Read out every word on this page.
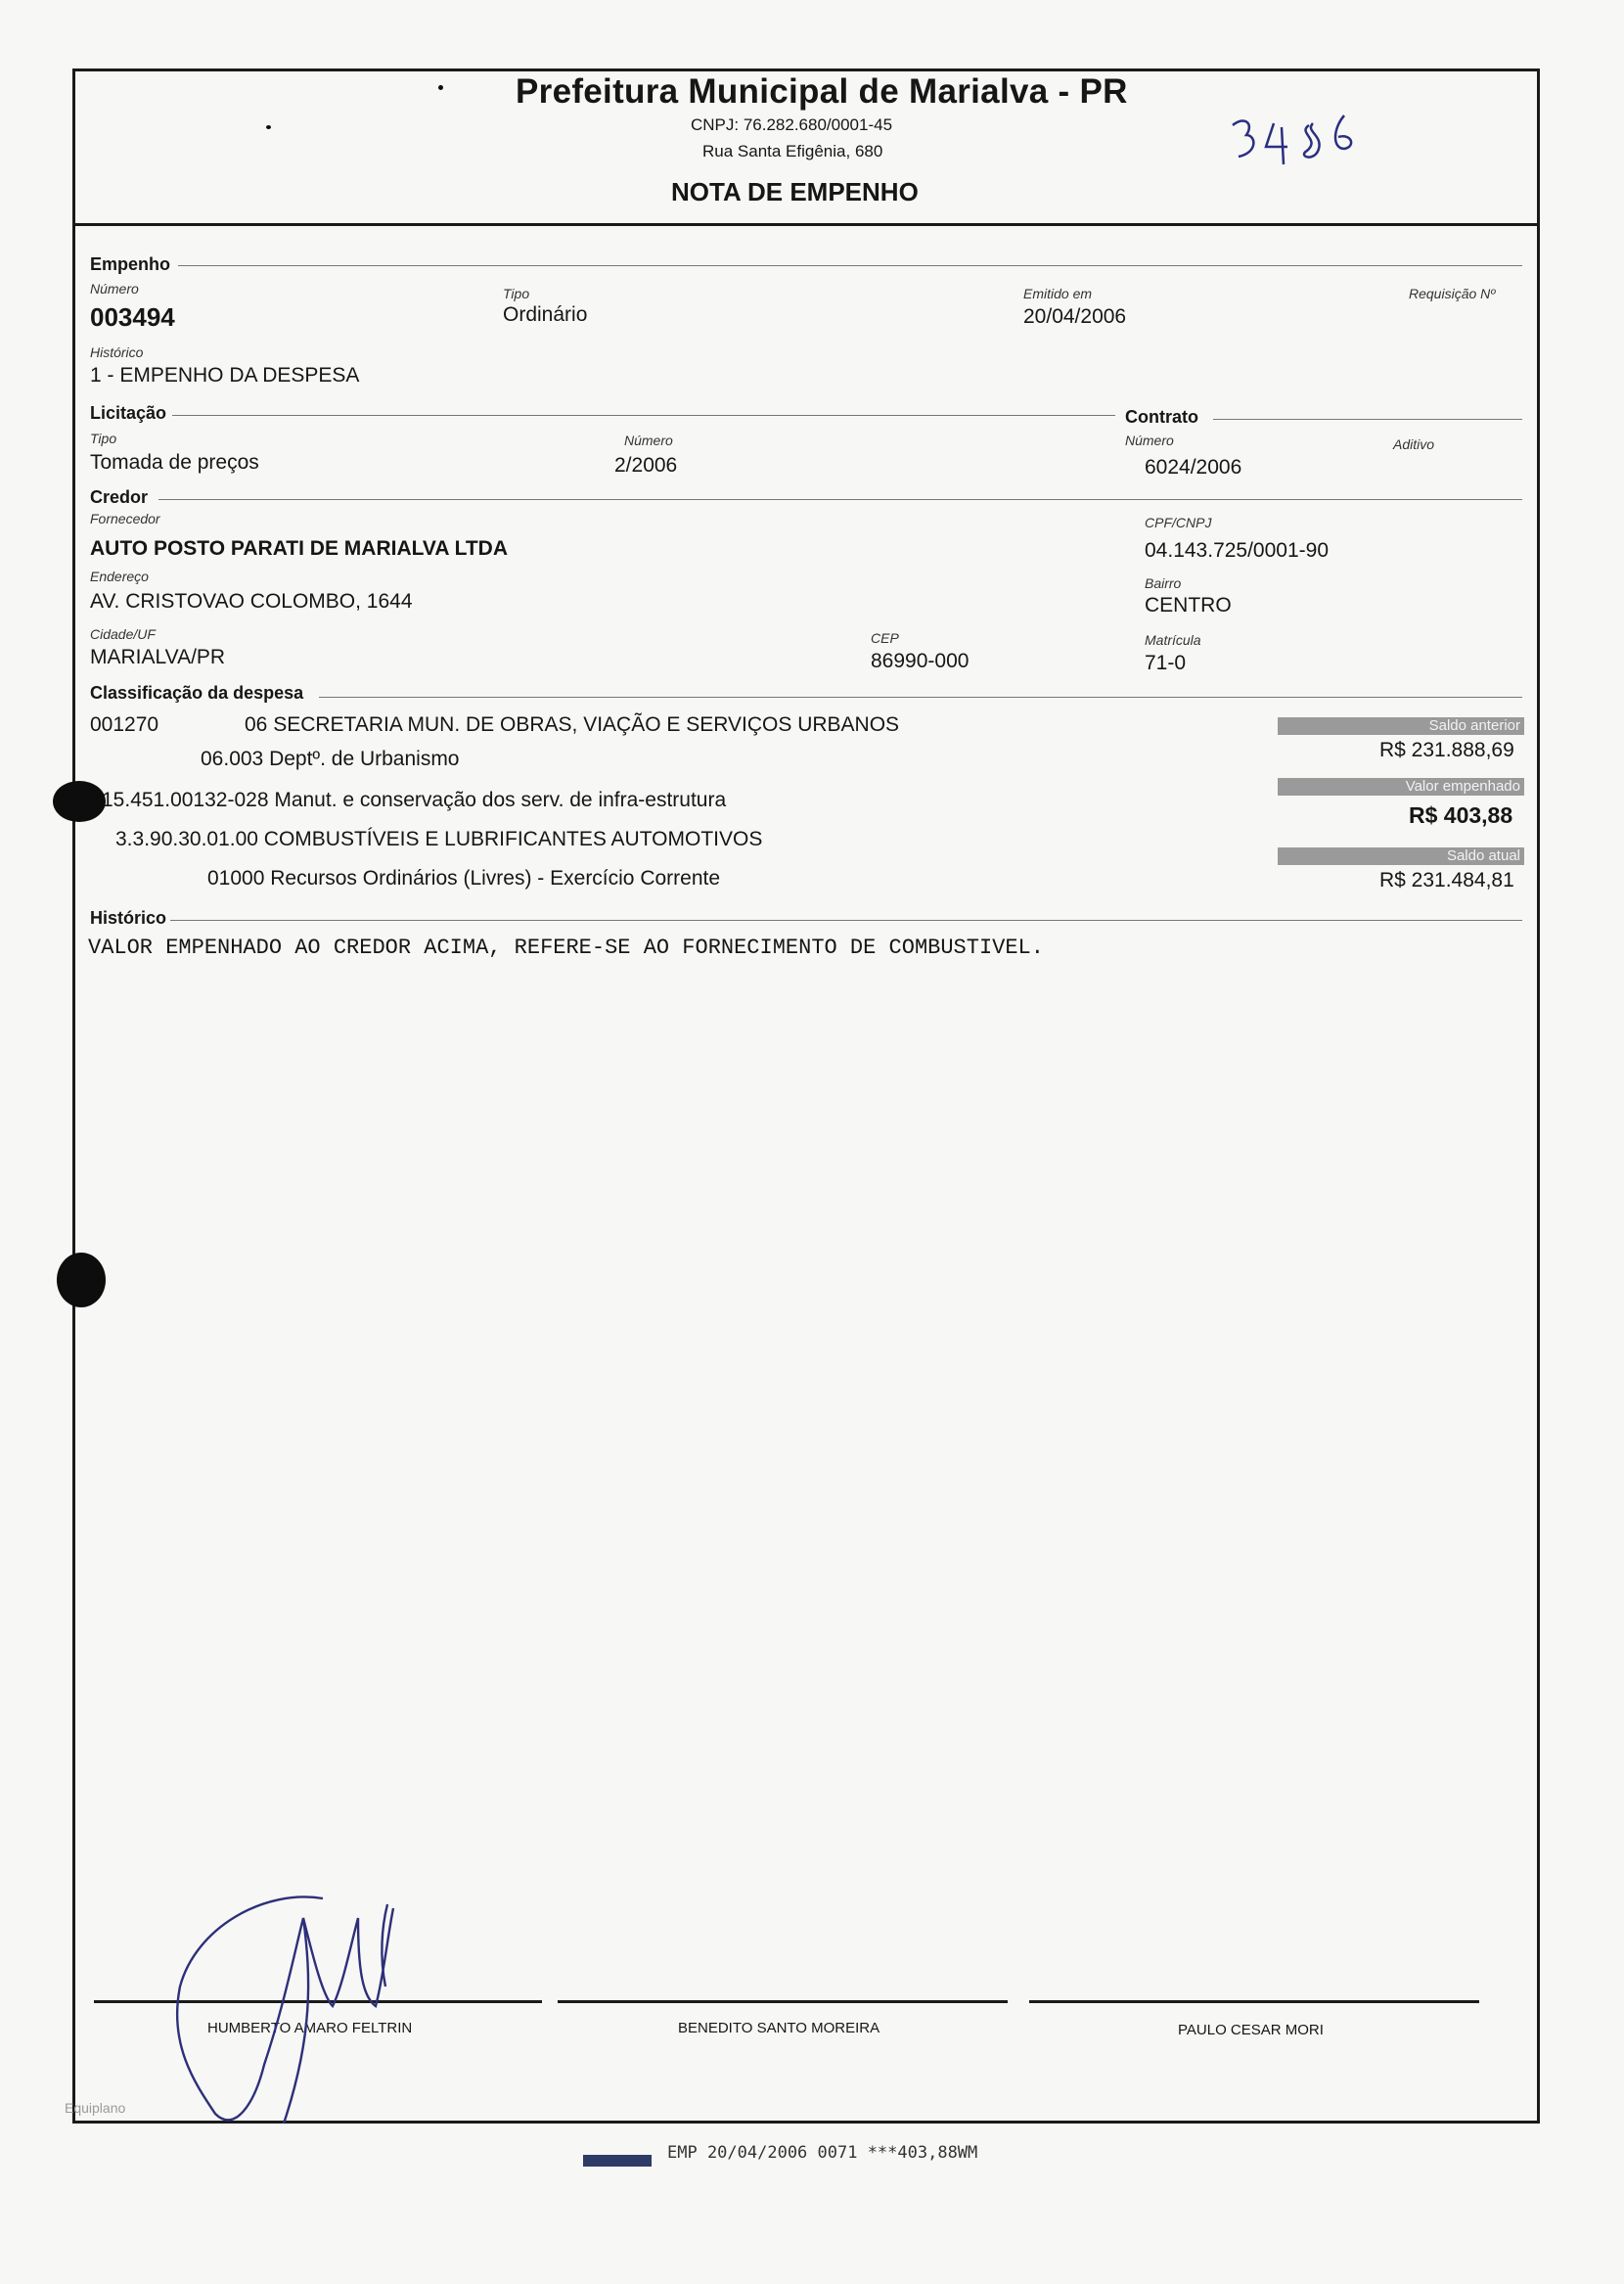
Prefeitura Municipal de Marialva - PR
CNPJ: 76.282.680/0001-45
Rua Santa Efigênia, 680
NOTA DE EMPENHO
Empenho
Número
003494
Tipo
Ordinário
Emitido em
20/04/2006
Requisição Nº
Histórico
1 - EMPENHO DA DESPESA
Licitação	Contrato
Tipo
Tomada de preços
Número
2/2006
Número
6024/2006
Aditivo
Credor
Fornecedor
AUTO POSTO PARATI DE MARIALVA LTDA
CPF/CNPJ
04.143.725/0001-90
Endereço
AV. CRISTOVAO COLOMBO, 1644
Bairro
CENTRO
Cidade/UF
MARIALVA/PR
CEP
86990-000
Matrícula
71-0
Classificação da despesa
001270	06 SECRETARIA MUN. DE OBRAS, VIAÇÃO E SERVIÇOS URBANOS
06.003 Deptº. de Urbanismo
15.451.00132-028 Manut. e conservação dos serv. de infra-estrutura
3.3.90.30.01.00 COMBUSTÍVEIS E LUBRIFICANTES AUTOMOTIVOS
01000 Recursos Ordinários (Livres) - Exercício Corrente
Saldo anterior
R$ 231.888,69
Valor empenhado
R$ 403,88
Saldo atual
R$ 231.484,81
Histórico
VALOR EMPENHADO AO CREDOR ACIMA, REFERE-SE AO FORNECIMENTO DE COMBUSTIVEL.
HUMBERTO AMARO FELTRIN	BENEDITO SANTO MOREIRA	PAULO CESAR MORI
Equiplano
EMP 20/04/2006 0071 ***403,88WM
